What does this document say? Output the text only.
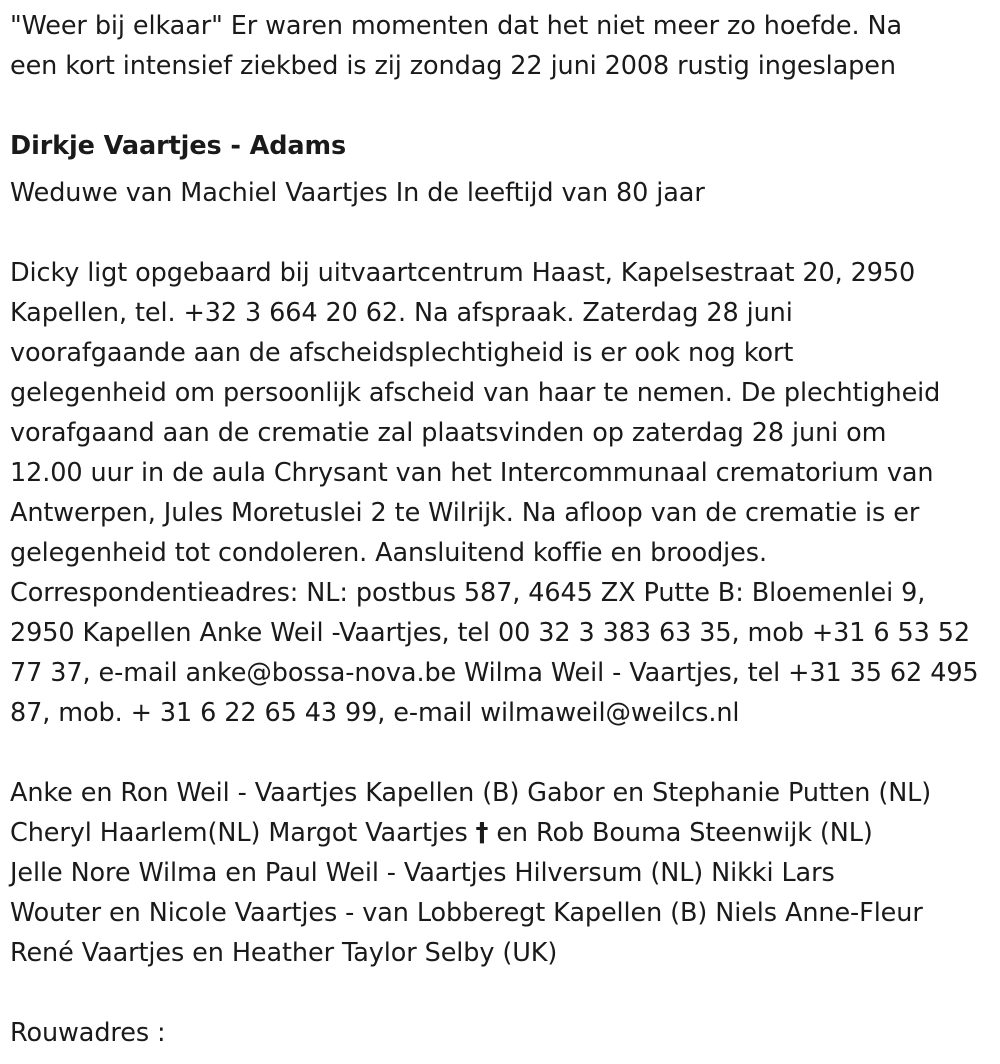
"Weer bij elkaar" Er waren momenten dat het niet meer zo hoefde. Na
een kort intensief ziekbed is zij zondag 22 juni 2008 rustig ingeslapen
Dirkje Vaartjes - Adams
Weduwe van Machiel Vaartjes In de leeftijd van 80 jaar
Dicky ligt opgebaard bij uitvaartcentrum Haast, Kapelsestraat 20, 2950
Kapellen, tel. +32 3 664 20 62. Na afspraak. Zaterdag 28 juni
voorafgaande aan de afscheidsplechtigheid is er ook nog kort
gelegenheid om persoonlijk afscheid van haar te nemen. De plechtigheid
vorafgaand aan de crematie zal plaatsvinden op zaterdag 28 juni om
12.00 uur in de aula Chrysant van het Intercommunaal crematorium van
Antwerpen, Jules Moretuslei 2 te Wilrijk. Na afloop van de crematie is er
gelegenheid tot condoleren. Aansluitend koffie en broodjes.
Correspondentieadres: NL: postbus 587, 4645 ZX Putte B: Bloemenlei 9,
2950 Kapellen Anke Weil -Vaartjes, tel 00 32 3 383 63 35, mob +31 6 53 52
77 37, e-mail anke@bossa-nova.be Wilma Weil - Vaartjes, tel +31 35 62 495
87, mob. + 31 6 22 65 43 99, e-mail wilmaweil@weilcs.nl
Anke en Ron Weil - Vaartjes Kapellen (B) Gabor en Stephanie Putten (NL)
Cheryl Haarlem(NL) Margot Vaartjes † en Rob Bouma Steenwijk (NL)
Jelle Nore Wilma en Paul Weil - Vaartjes Hilversum (NL) Nikki Lars
Wouter en Nicole Vaartjes - van Lobberegt Kapellen (B) Niels Anne-Fleur
René Vaartjes en Heather Taylor Selby (UK)
Rouwadres :
